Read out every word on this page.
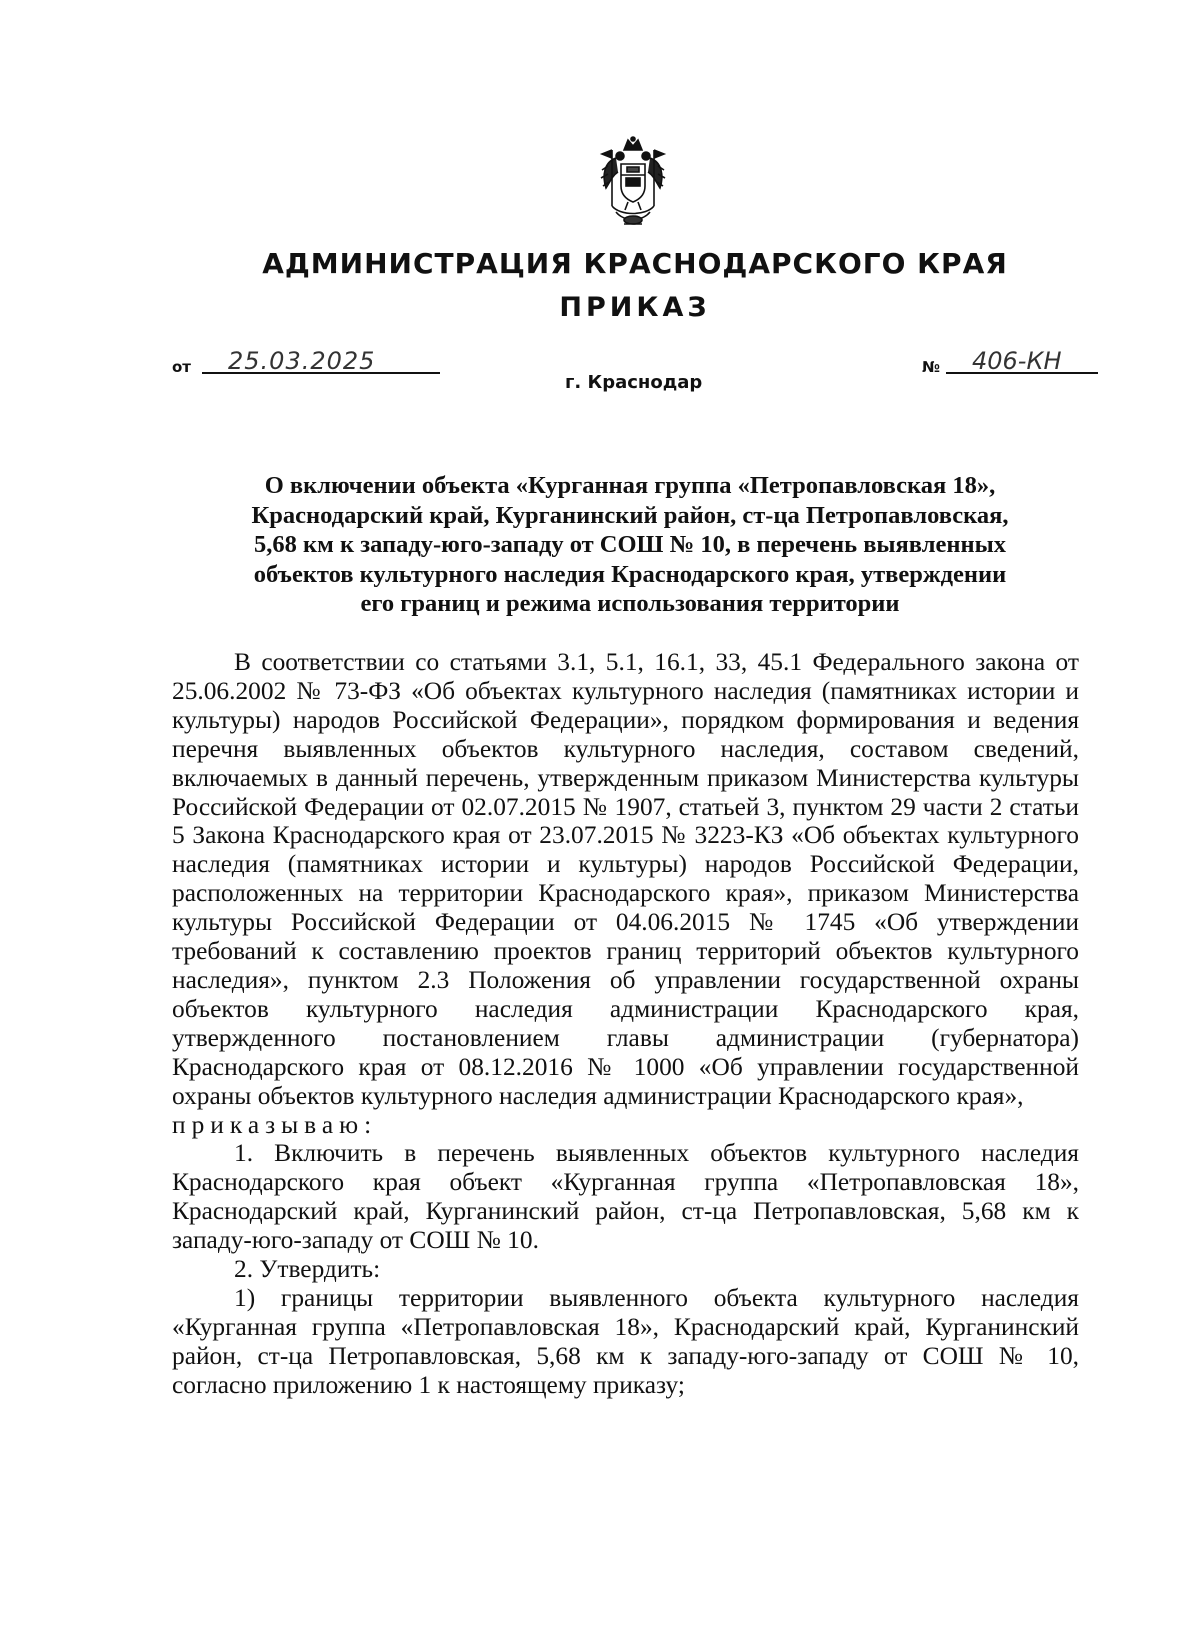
АДМИНИСТРАЦИЯ КРАСНОДАРСКОГО КРАЯ
ПРИКАЗ
от	25.03.2025	№	406-КН
г. Краснодар
О включении объекта «Курганная группа «Петропавловская 18»,
Краснодарский край, Курганинский район, ст-ца Петропавловская,
5,68 км к западу-юго-западу от СОШ № 10, в перечень выявленных
объектов культурного наследия Краснодарского края, утверждении
его границ и режима использования территории

В соответствии со статьями 3.1, 5.1, 16.1, 33, 45.1 Федерального закона от 25.06.2002 № 73-ФЗ «Об объектах культурного наследия (памятниках истории и культуры) народов Российской Федерации», порядком формирования и ведения перечня выявленных объектов культурного наследия, составом сведений, включаемых в данный перечень, утвержденным приказом Министерства культуры Российской Федерации от 02.07.2015 № 1907, статьей 3, пунктом 29 части 2 статьи 5 Закона Краснодарского края от 23.07.2015 № 3223-КЗ «Об объектах культурного наследия (памятниках истории и культуры) народов Российской Федерации, расположенных на территории Краснодарского края», приказом Министерства культуры Российской Федерации от 04.06.2015 № 1745 «Об утверждении требований к составлению проектов границ территорий объектов культурного наследия», пунктом 2.3 Положения об управлении государственной охраны объектов культурного наследия администрации Краснодарского края, утвержденного постановлением главы администрации (губернатора) Краснодарского края от 08.12.2016 № 1000 «Об управлении государственной охраны объектов культурного наследия администрации Краснодарского края»,

приказываю:

1. Включить в перечень выявленных объектов культурного наследия Краснодарского края объект «Курганная группа «Петропавловская 18», Краснодарский край, Курганинский район, ст-ца Петропавловская, 5,68 км к западу-юго-западу от СОШ № 10.

2. Утвердить:

1) границы территории выявленного объекта культурного наследия «Курганная группа «Петропавловская 18», Краснодарский край, Курганинский район, ст-ца Петропавловская, 5,68 км к западу-юго-западу от СОШ № 10, согласно приложению 1 к настоящему приказу;
